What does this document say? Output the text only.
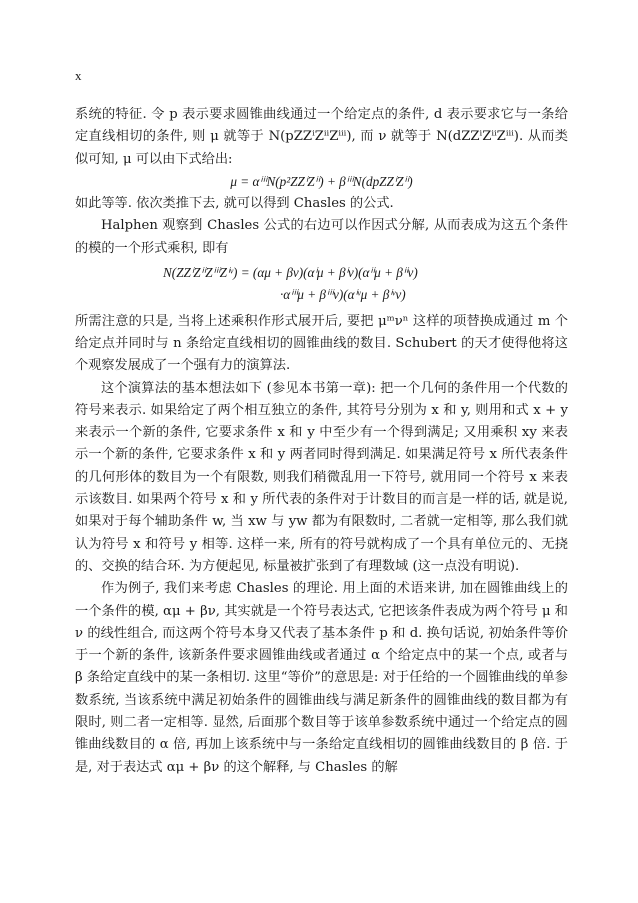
x

系统的特征. 令 p 表示要求圆锥曲线通过一个给定点的条件, d 表示要求它与一条给定直线相切的条件, 则 μ 就等于 N(pZZⁱZⁱⁱZⁱⁱⁱ), 而 ν 就等于 N(dZZⁱZⁱⁱZⁱⁱⁱ). 从而类似可知, μ 可以由下式给出:

μ = αⁱⁱⁱN(p²ZZⁱZⁱⁱ) + βⁱⁱⁱN(dpZZⁱZⁱⁱ)

如此等等. 依次类推下去, 就可以得到 Chasles 的公式.

Halphen 观察到 Chasles 公式的右边可以作因式分解, 从而表成为这五个条件的模的一个形式乘积, 即有

N(ZZⁱZⁱⁱZⁱⁱⁱZⁱᵛ) = (αμ + βν)(αⁱμ + βⁱν)(αⁱⁱμ + βⁱⁱν)
·αⁱⁱⁱμ + βⁱⁱⁱν)(αⁱᵛμ + βⁱᵛν)

所需注意的只是, 当将上述乘积作形式展开后, 要把 μᵐνⁿ 这样的项替换成通过 m 个给定点并同时与 n 条给定直线相切的圆锥曲线的数目. Schubert 的天才使得他将这个观察发展成了一个强有力的演算法.

这个演算法的基本想法如下 (参见本书第一章): 把一个几何的条件用一个代数的符号来表示. 如果给定了两个相互独立的条件, 其符号分别为 x 和 y, 则用和式 x + y 来表示一个新的条件, 它要求条件 x 和 y 中至少有一个得到满足; 又用乘积 xy 来表示一个新的条件, 它要求条件 x 和 y 两者同时得到满足. 如果满足符号 x 所代表条件的几何形体的数目为一个有限数, 则我们稍微乱用一下符号, 就用同一个符号 x 来表示该数目. 如果两个符号 x 和 y 所代表的条件对于计数目的而言是一样的话, 就是说, 如果对于每个辅助条件 w, 当 xw 与 yw 都为有限数时, 二者就一定相等, 那么我们就认为符号 x 和符号 y 相等. 这样一来, 所有的符号就构成了一个具有单位元的、无挠的、交换的结合环. 为方便起见, 标量被扩张到了有理数域 (这一点没有明说).

作为例子, 我们来考虑 Chasles 的理论. 用上面的术语来讲, 加在圆锥曲线上的一个条件的模, αμ + βν, 其实就是一个符号表达式, 它把该条件表成为两个符号 μ 和 ν 的线性组合, 而这两个符号本身又代表了基本条件 p 和 d. 换句话说, 初始条件等价于一个新的条件, 该新条件要求圆锥曲线或者通过 α 个给定点中的某一个点, 或者与 β 条给定直线中的某一条相切. 这里“等价”的意思是: 对于任给的一个圆锥曲线的单参数系统, 当该系统中满足初始条件的圆锥曲线与满足新条件的圆锥曲线的数目都为有限时, 则二者一定相等. 显然, 后面那个数目等于该单参数系统中通过一个给定点的圆锥曲线数目的 α 倍, 再加上该系统中与一条给定直线相切的圆锥曲线数目的 β 倍. 于是, 对于表达式 αμ + βν 的这个解释, 与 Chasles 的解
